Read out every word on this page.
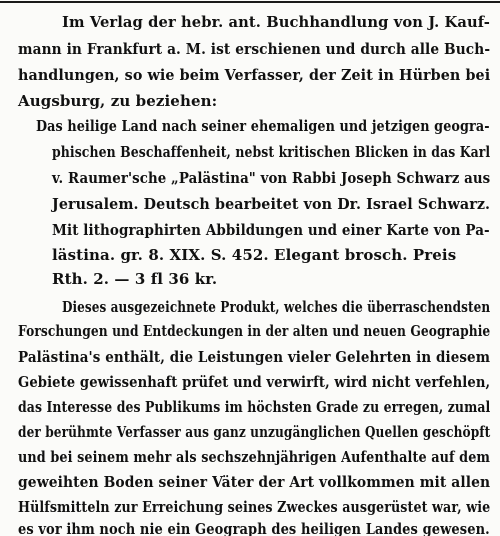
Im Verlag der hebr. ant. Buchhandlung von J. Kauf-
mann in Frankfurt a. M. ist erschienen und durch alle Buch-
handlungen, so wie beim Verfasser, der Zeit in Hürben bei
Augsburg, zu beziehen:
Das heilige Land nach seiner ehemaligen und jetzigen geogra-
phischen Beschaffenheit, nebst kritischen Blicken in das Karl
v. Raumer'sche „Palästina" von Rabbi Joseph Schwarz aus
Jerusalem. Deutsch bearbeitet von Dr. Israel Schwarz.
Mit lithographirten Abbildungen und einer Karte von Pa-
lästina. gr. 8. XIX. S. 452. Elegant brosch. Preis
Rth. 2. — 3 fl 36 kr.
Dieses ausgezeichnete Produkt, welches die überraschendsten
Forschungen und Entdeckungen in der alten und neuen Geographie
Palästina's enthält, die Leistungen vieler Gelehrten in diesem
Gebiete gewissenhaft prüfet und verwirft, wird nicht verfehlen,
das Interesse des Publikums im höchsten Grade zu erregen, zumal
der berühmte Verfasser aus ganz unzugänglichen Quellen geschöpft
und bei seinem mehr als sechszehnjährigen Aufenthalte auf dem
geweihten Boden seiner Väter der Art vollkommen mit allen
Hülfsmitteln zur Erreichung seines Zweckes ausgerüstet war, wie
es vor ihm noch nie ein Geograph des heiligen Landes gewesen.
